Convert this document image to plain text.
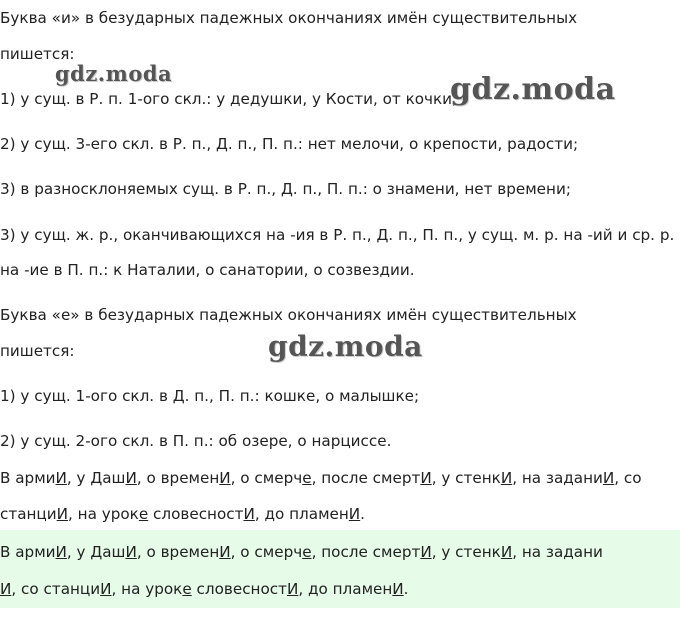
Буква «и» в безударных падежных окончаниях имён существительных
пишется:
1) у сущ. в Р. п. 1-ого скл.: у дедушки, у Кости, от кочки;
2) у сущ. 3-его скл. в Р. п., Д. п., П. п.: нет мелочи, о крепости, радости;
3) в разносклоняемых сущ. в Р. п., Д. п., П. п.: о знамени, нет времени;
3) у сущ. ж. р., оканчивающихся на -ия в Р. п., Д. п., П. п., у сущ. м. р. на -ий и ср. р.
на -ие в П. п.: к Наталии, о санатории, о созвездии.
Буква «е» в безударных падежных окончаниях имён существительных
пишется:
1) у сущ. 1-ого скл. в Д. п., П. п.: кошке, о малышке;
2) у сущ. 2-ого скл. в П. п.: об озере, о нарциссе.
В армиИ, у ДашИ, о временИ, о смерче, после смертИ, у стенкИ, на заданиИ, со
станциИ, на уроке словесностИ, до пламенИ.
В армиИ, у ДашИ, о временИ, о смерче, после смертИ, у стенкИ, на задани
И, со станциИ, на уроке словесностИ, до пламенИ.
gdz.moda	gdz.moda
gdz.moda
